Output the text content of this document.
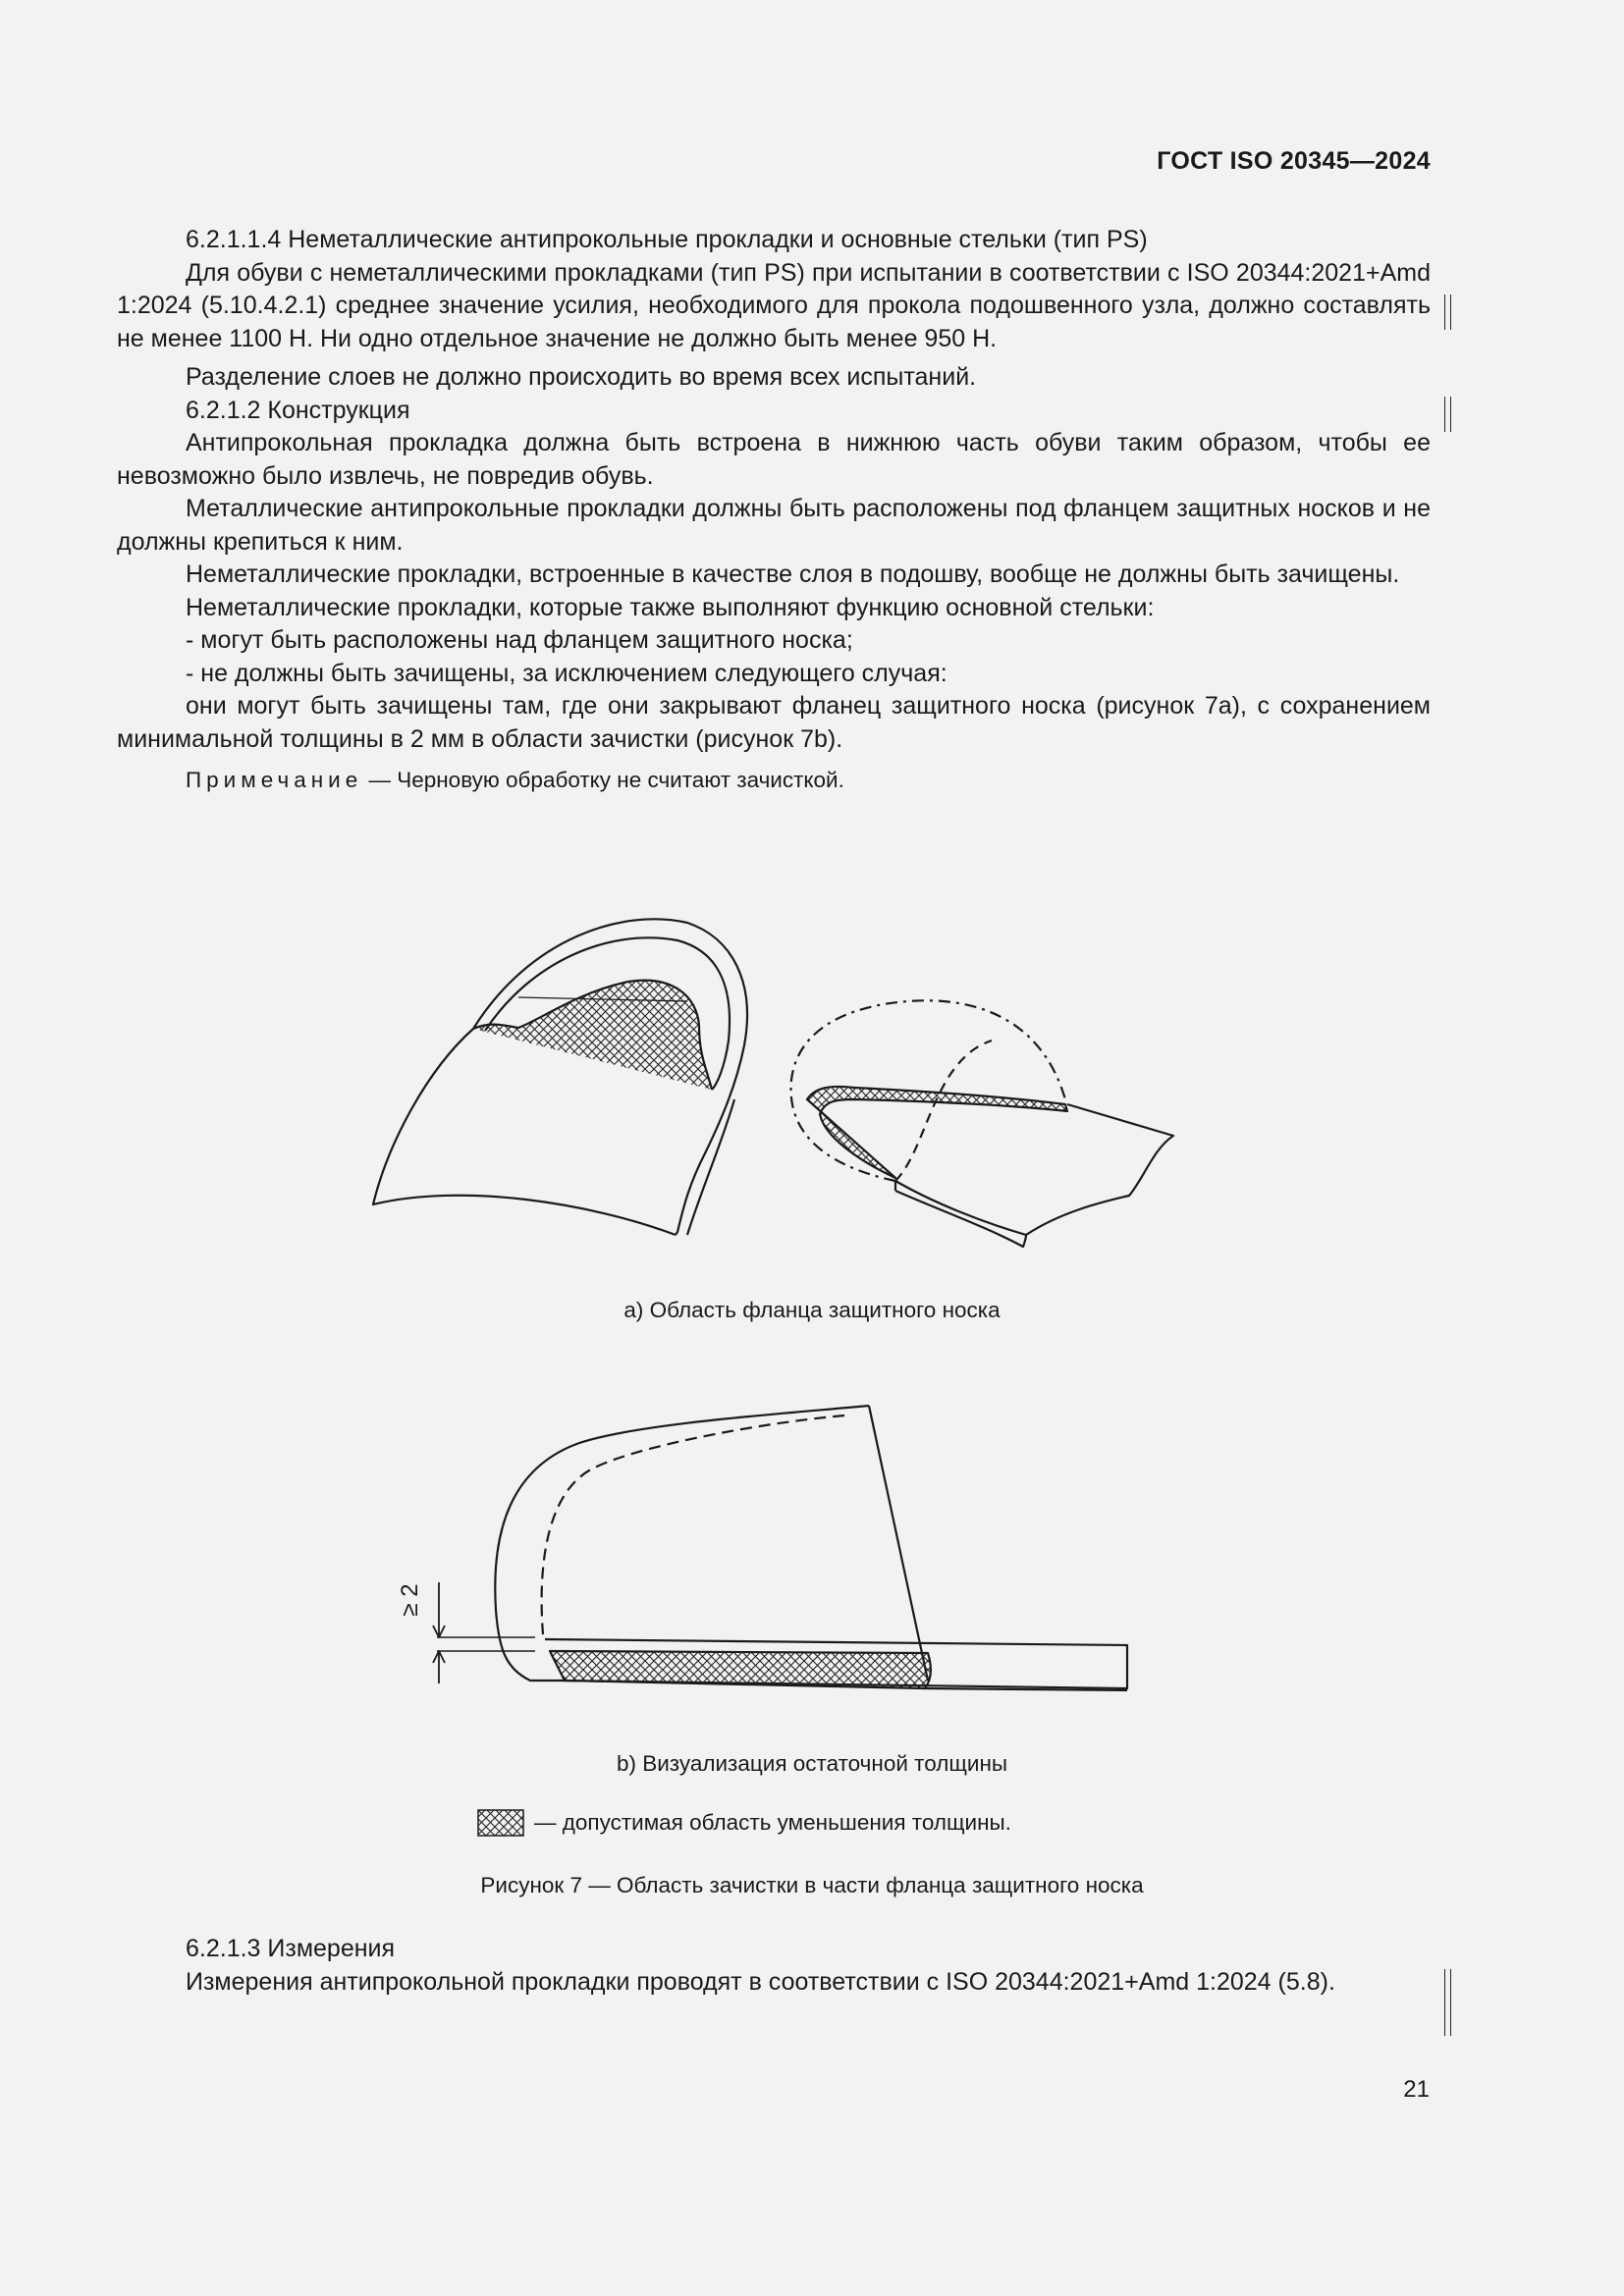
ГОСТ ISO 20345—2024

6.2.1.1.4 Неметаллические антипрокольные прокладки и основные стельки (тип PS)

Для обуви с неметаллическими прокладками (тип PS) при испытании в соответствии с ISO 20344:2021+Amd 1:2024 (5.10.4.2.1) среднее значение усилия, необходимого для прокола подошвенного узла, должно составлять не менее 1100 Н. Ни одно отдельное значение не должно быть менее 950 Н.

Разделение слоев не должно происходить во время всех испытаний.

6.2.1.2 Конструкция

Антипрокольная прокладка должна быть встроена в нижнюю часть обуви таким образом, чтобы ее невозможно было извлечь, не повредив обувь.

Металлические антипрокольные прокладки должны быть расположены под фланцем защитных носков и не должны крепиться к ним.

Неметаллические прокладки, встроенные в качестве слоя в подошву, вообще не должны быть зачищены.

Неметаллические прокладки, которые также выполняют функцию основной стельки:

- могут быть расположены над фланцем защитного носка;

- не должны быть зачищены, за исключением следующего случая:

они могут быть зачищены там, где они закрывают фланец защитного носка (рисунок 7а), с сохранением минимальной толщины в 2 мм в области зачистки (рисунок 7b).

Примечание — Черновую обработку не считают зачисткой.

≥ 2
а) Область фланца защитного носка
b) Визуализация остаточной толщины
— допустимая область уменьшения толщины.
Рисунок 7 — Область зачистки в части фланца защитного носка

6.2.1.3 Измерения

Измерения антипрокольной прокладки проводят в соответствии с ISO 20344:2021+Amd 1:2024 (5.8).

21
